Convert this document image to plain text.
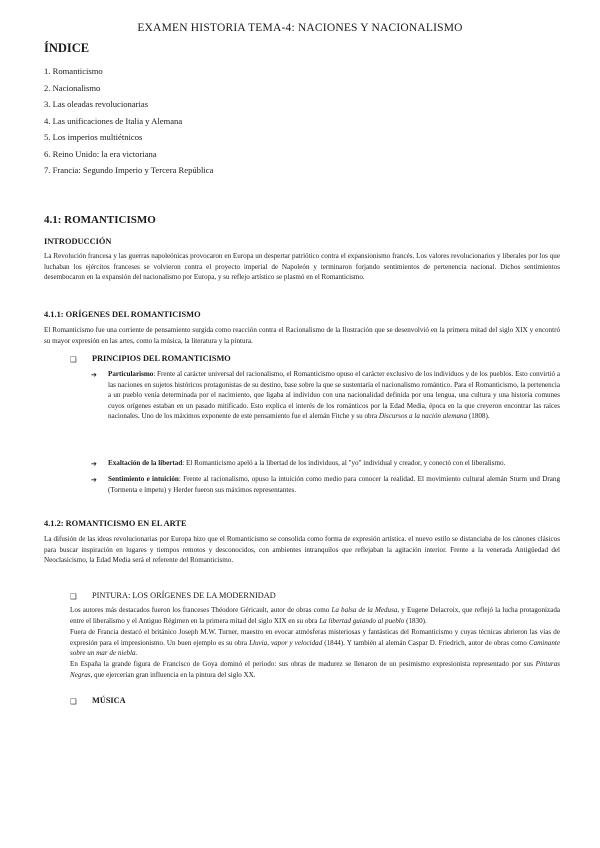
EXAMEN HISTORIA TEMA-4: NACIONES Y NACIONALISMO
ÍNDICE
1. Romanticismo
2. Nacionalismo
3. Las oleadas revolucionarias
4. Las unificaciones de Italia y Alemana
5. Los imperios multiétnicos
6. Reino Unido: la era victoriana
7. Francia: Segundo Imperio y Tercera República
4.1: ROMANTICISMO
INTRODUCCIÓN

La Revolución francesa y las guerras napoleónicas provocaron en Europa un despertar patriótico contra el expansionismo francés. Los valores revolucionarios y liberales por los que luchaban los ejércitos franceses se volvieron contra el proyecto imperial de Napoleón y terminaron forjando sentimientos de pertenencia nacional. Dichos sentimientos desembocaron en la expansión del nacionalismo por Europa, y su reflejo artístico se plasmó en el Romanticismo.

4.1.1: ORÍGENES DEL ROMANTICISMO

El Romanticismo fue una corriente de pensamiento surgida como reacción contra el Racionalismo de la Ilustración que se desenvolvió en la primera mitad del siglo XIX y encontró su mayor expresión en las artes, como la música, la literatura y la pintura.

❑ PRINCIPIOS DEL ROMANTICISMO
➔ Particularismo: Frente al carácter universal del racionalismo, el Romanticismo opuso el carácter exclusivo de los individuos y de los pueblos. Esto convirtió a las naciones en sujetos históricos protagonistas de su destino, base sobre la que se sustentaría el nacionalismo romántico. Para el Romanticismo, la pertenencia a un pueblo venía determinada por el nacimiento, que ligaba al individuo con una nacionalidad definida por una lengua, una cultura y una historia comunes cuyos orígenes estaban en un pasado mitificado. Esto explica el interés de los románticos por la Edad Media, época en la que creyeron encontrar las raíces nacionales. Uno de los máximos exponente de este pensamiento fue el alemán Fitche y su obra Discursos a la nación alemana (1808).

➔ Exaltación de la libertad: El Romanticismo apeló a la libertad de los individuos, al "yo" individual y creador, y conectó con el liberalismo.

➔ Sentimiento e intuición: Frente al racionalismo, opuso la intuición como medio para conocer la realidad. El movimiento cultural alemán Sturm und Drang (Tormenta e ímpetu) y Herder fueron sus máximos representantes.

4.1.2: ROMANTICISMO EN EL ARTE

La difusión de las ideas revolucionarias por Europa hizo que el Romanticismo se consolida como forma de expresión artística. el nuevo estilo se distanciaba de los cánones clásicos para buscar inspiración en lugares y tiempos remotos y desconocidos, con ambientes intranquilos que reflejaban la agitación interior. Frente a la venerada Antigüedad del Neoclasicismo, la Edad Media será el referente del Romanticismo.

❑ PINTURA: LOS ORÍGENES DE LA MODERNIDAD

Los autores más destacados fueron los franceses Théodore Géricault, autor de obras como La balsa de la Medusa, y Eugene Delacroix, que reflejó la lucha protagonizada entre el liberalismo y el Antiguo Régimen en la primera mitad del siglo XIX en su obra La libertad guiando al pueblo (1830).

Fuera de Francia destacó el británico Joseph M.W. Turner, maestro en evocar atmósferas misteriosas y fantásticas del Romanticismo y cuyas técnicas abrieron las vías de expresión para el impresionismo. Un buen ejemplo es su obra Lluvia, vapor y velocidad (1844). Y también al alemán Caspar D. Friedrich, autor de obras como Caminante sobre un mar de niebla.

En España la grande figura de Francisco de Goya dominó el periodo: sus obras de madurez se llenaron de un pesimismo expresionista representado por sus Pinturas Negras, que ejercerían gran influencia en la pintura del siglo XX.

❑ MÚSICA
